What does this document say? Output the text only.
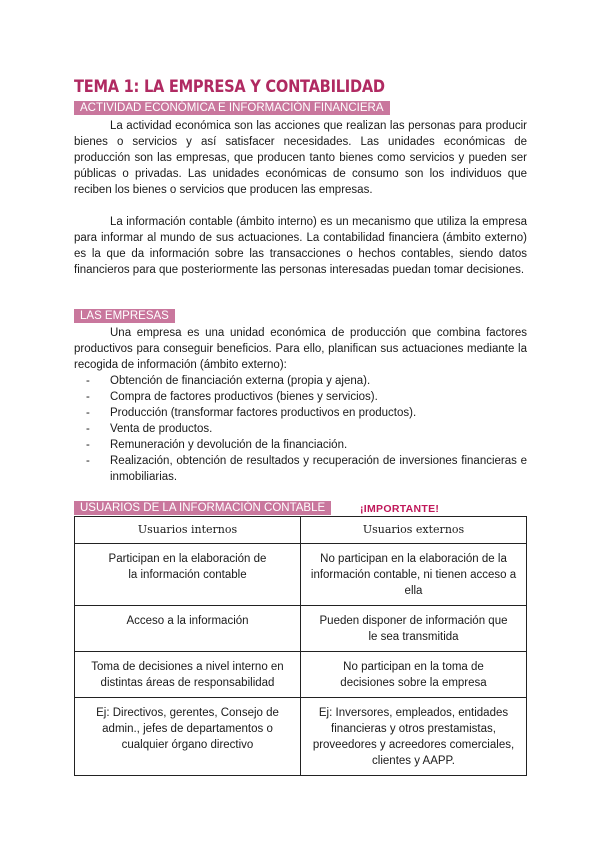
TEMA 1: LA EMPRESA Y CONTABILIDAD
ACTIVIDAD ECONÓMICA E INFORMACIÓN FINANCIERA

La actividad económica son las acciones que realizan las personas para producir bienes o servicios y así satisfacer necesidades. Las unidades económicas de producción son las empresas, que producen tanto bienes como servicios y pueden ser públicas o privadas. Las unidades económicas de consumo son los individuos que reciben los bienes o servicios que producen las empresas.

La información contable (ámbito interno) es un mecanismo que utiliza la empresa para informar al mundo de sus actuaciones. La contabilidad financiera (ámbito externo) es la que da información sobre las transacciones o hechos contables, siendo datos financieros para que posteriormente las personas interesadas puedan tomar decisiones.

LAS EMPRESAS

Una empresa es una unidad económica de producción que combina factores productivos para conseguir beneficios. Para ello, planifican sus actuaciones mediante la recogida de información (ámbito externo):

- Obtención de financiación externa (propia y ajena).
- Compra de factores productivos (bienes y servicios).
- Producción (transformar factores productivos en productos).
- Venta de productos.
- Remuneración y devolución de la financiación.
- Realización, obtención de resultados y recuperación de inversiones financieras e inmobiliarias.
USUARIOS DE LA INFORMACIÓN CONTABLE	¡IMPORTANTE!
Usuarios internos	Usuarios externos
Participan en la elaboración de la información contable	No participan en la elaboración de la información contable, ni tienen acceso a ella
Acceso a la información	Pueden disponer de información que le sea transmitida
Toma de decisiones a nivel interno en distintas áreas de responsabilidad	No participan en la toma de decisiones sobre la empresa
Ej: Directivos, gerentes, Consejo de admin., jefes de departamentos o cualquier órgano directivo	Ej: Inversores, empleados, entidades financieras y otros prestamistas, proveedores y acreedores comerciales, clientes y AAPP.
